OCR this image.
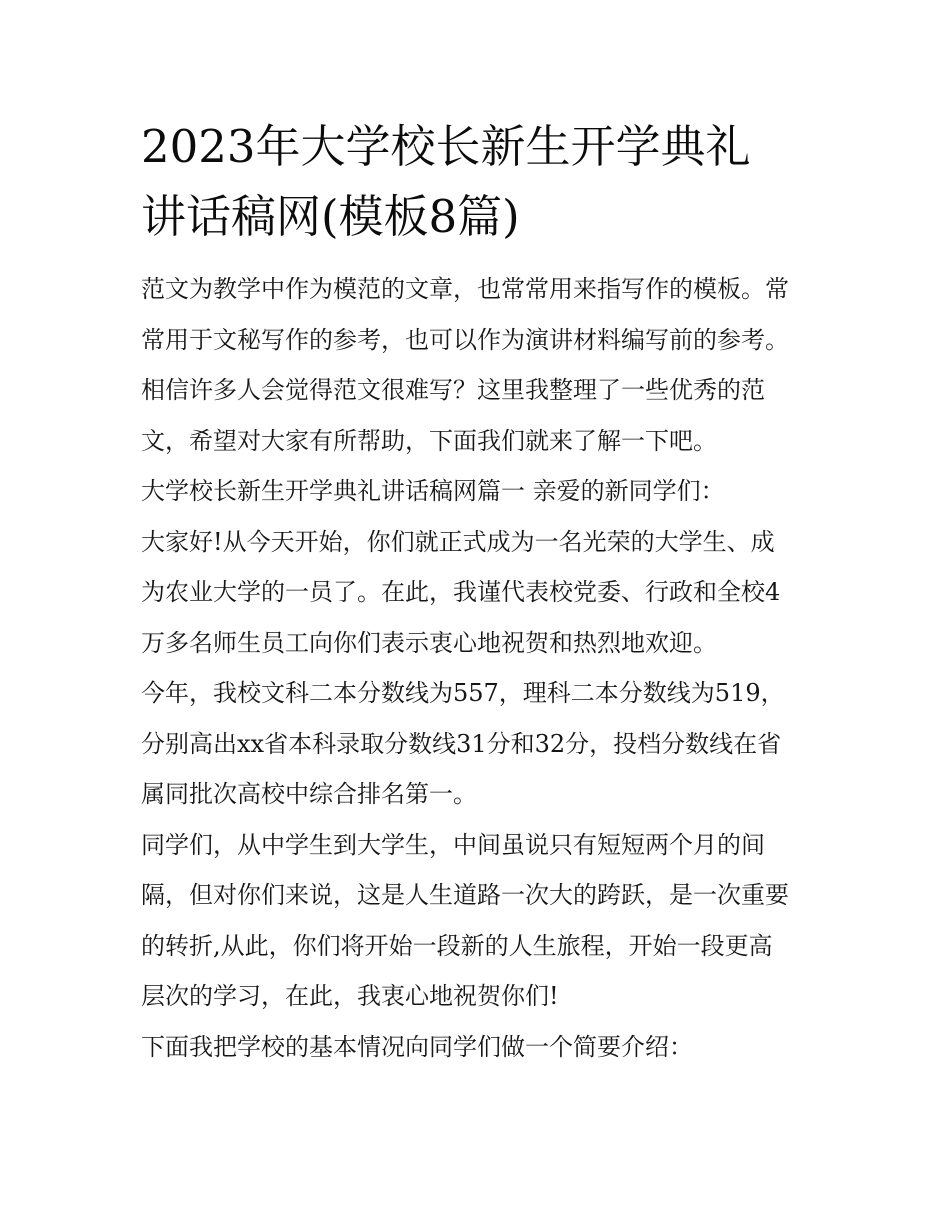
2023年大学校长新生开学典礼
讲话稿网(模板8篇)
范文为教学中作为模范的文章，也常常用来指写作的模板。常
常用于文秘写作的参考，也可以作为演讲材料编写前的参考。
相信许多人会觉得范文很难写？这里我整理了一些优秀的范
文，希望对大家有所帮助，下面我们就来了解一下吧。
大学校长新生开学典礼讲话稿网篇一 亲爱的新同学们：
大家好!从今天开始，你们就正式成为一名光荣的大学生、成
为农业大学的一员了。在此，我谨代表校党委、行政和全校4
万多名师生员工向你们表示衷心地祝贺和热烈地欢迎。
今年，我校文科二本分数线为557，理科二本分数线为519，
分别高出xx省本科录取分数线31分和32分，投档分数线在省
属同批次高校中综合排名第一。
同学们，从中学生到大学生，中间虽说只有短短两个月的间
隔，但对你们来说，这是人生道路一次大的跨跃，是一次重要
的转折,从此，你们将开始一段新的人生旅程，开始一段更高
层次的学习，在此，我衷心地祝贺你们!
下面我把学校的基本情况向同学们做一个简要介绍：
